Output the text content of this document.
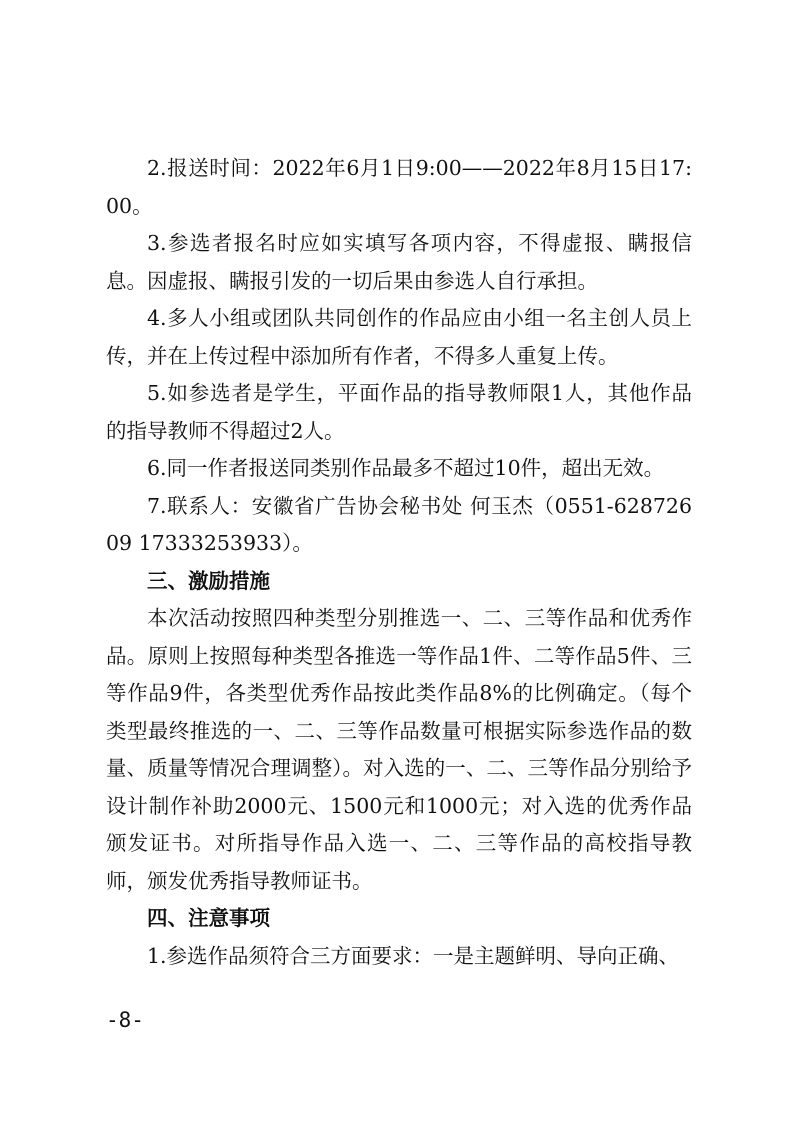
2.报送时间：2022年6月1日9:00——2022年8月15日17:00。

3.参选者报名时应如实填写各项内容，不得虚报、瞒报信息。因虚报、瞒报引发的一切后果由参选人自行承担。

4.多人小组或团队共同创作的作品应由小组一名主创人员上传，并在上传过程中添加所有作者，不得多人重复上传。

5.如参选者是学生，平面作品的指导教师限1人，其他作品的指导教师不得超过2人。

6.同一作者报送同类别作品最多不超过10件，超出无效。

7.联系人：安徽省广告协会秘书处 何玉杰（0551-62872609 17333253933）。

三、激励措施

本次活动按照四种类型分别推选一、二、三等作品和优秀作品。原则上按照每种类型各推选一等作品1件、二等作品5件、三等作品9件，各类型优秀作品按此类作品8%的比例确定。（每个类型最终推选的一、二、三等作品数量可根据实际参选作品的数量、质量等情况合理调整）。对入选的一、二、三等作品分别给予设计制作补助2000元、1500元和1000元；对入选的优秀作品颁发证书。对所指导作品入选一、二、三等作品的高校指导教师，颁发优秀指导教师证书。

四、注意事项

1.参选作品须符合三方面要求：一是主题鲜明、导向正确、

-8-
